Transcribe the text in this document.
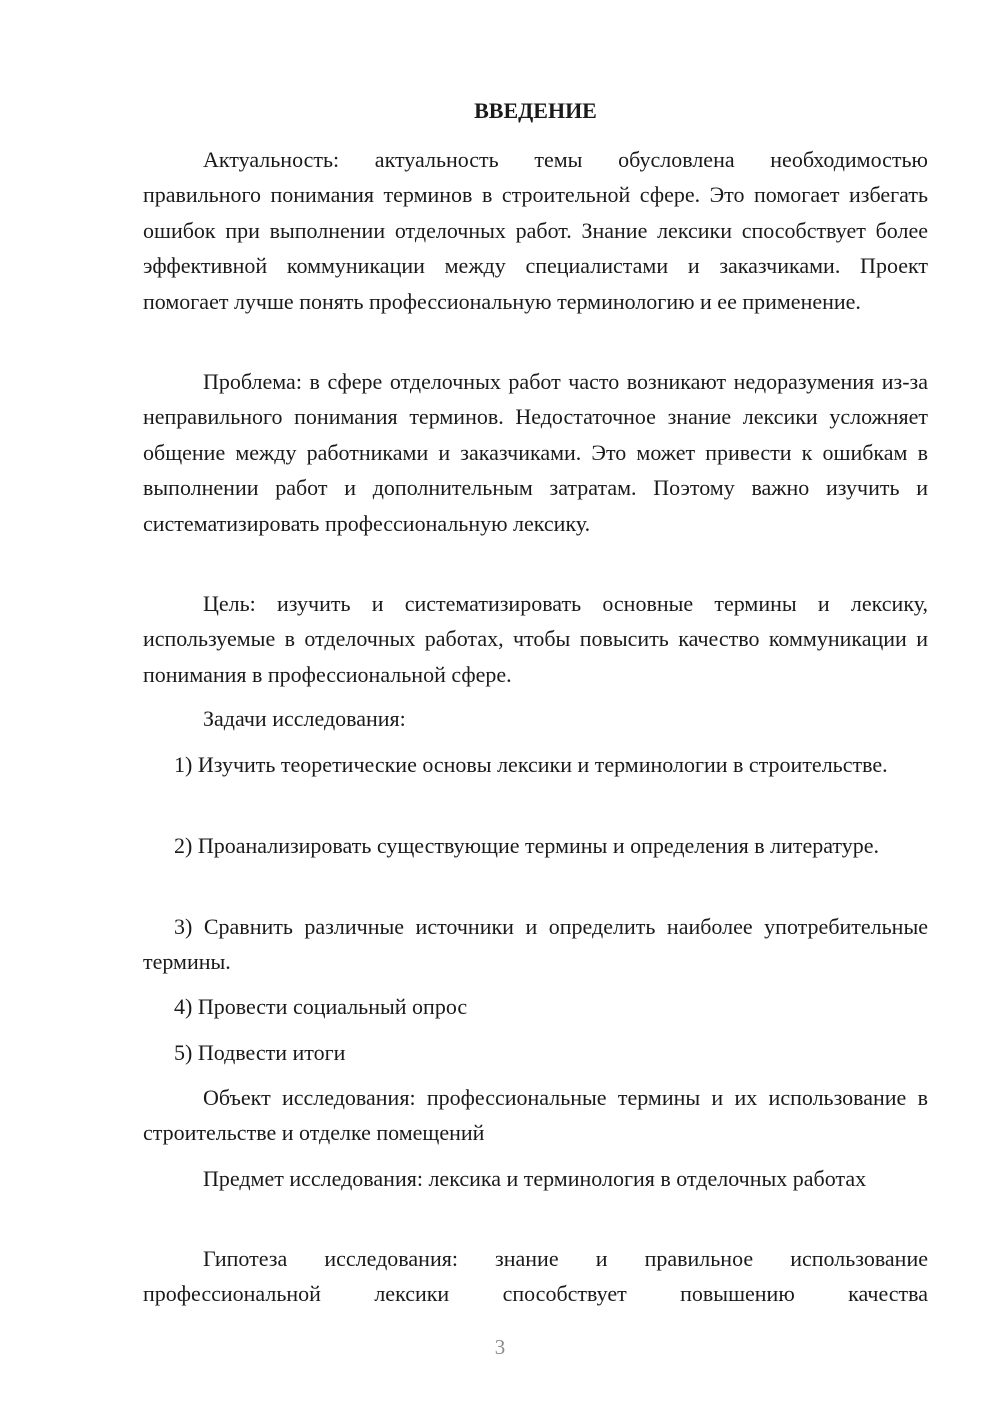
ВВЕДЕНИЕ

Актуальность: актуальность темы обусловлена необходимостью правильного понимания терминов в строительной сфере. Это помогает избегать ошибок при выполнении отделочных работ. Знание лексики способствует более эффективной коммуникации между специалистами и заказчиками. Проект помогает лучше понять профессиональную терминологию и ее применение.

Проблема: в сфере отделочных работ часто возникают недоразумения из-за неправильного понимания терминов. Недостаточное знание лексики усложняет общение между работниками и заказчиками. Это может привести к ошибкам в выполнении работ и дополнительным затратам. Поэтому важно изучить и систематизировать профессиональную лексику.

Цель: изучить и систематизировать основные термины и лексику, используемые в отделочных работах, чтобы повысить качество коммуникации и понимания в профессиональной сфере.

Задачи исследования:

1) Изучить теоретические основы лексики и терминологии в строительстве.

2) Проанализировать существующие термины и определения в литературе.

3) Сравнить различные источники и определить наиболее употребительные термины.

4) Провести социальный опрос

5) Подвести итоги

Объект исследования: профессиональные термины и их использование в строительстве и отделке помещений

Предмет исследования: лексика и терминология в отделочных работах

Гипотеза исследования: знание и правильное использование профессиональной лексики способствует повышению качества

3
